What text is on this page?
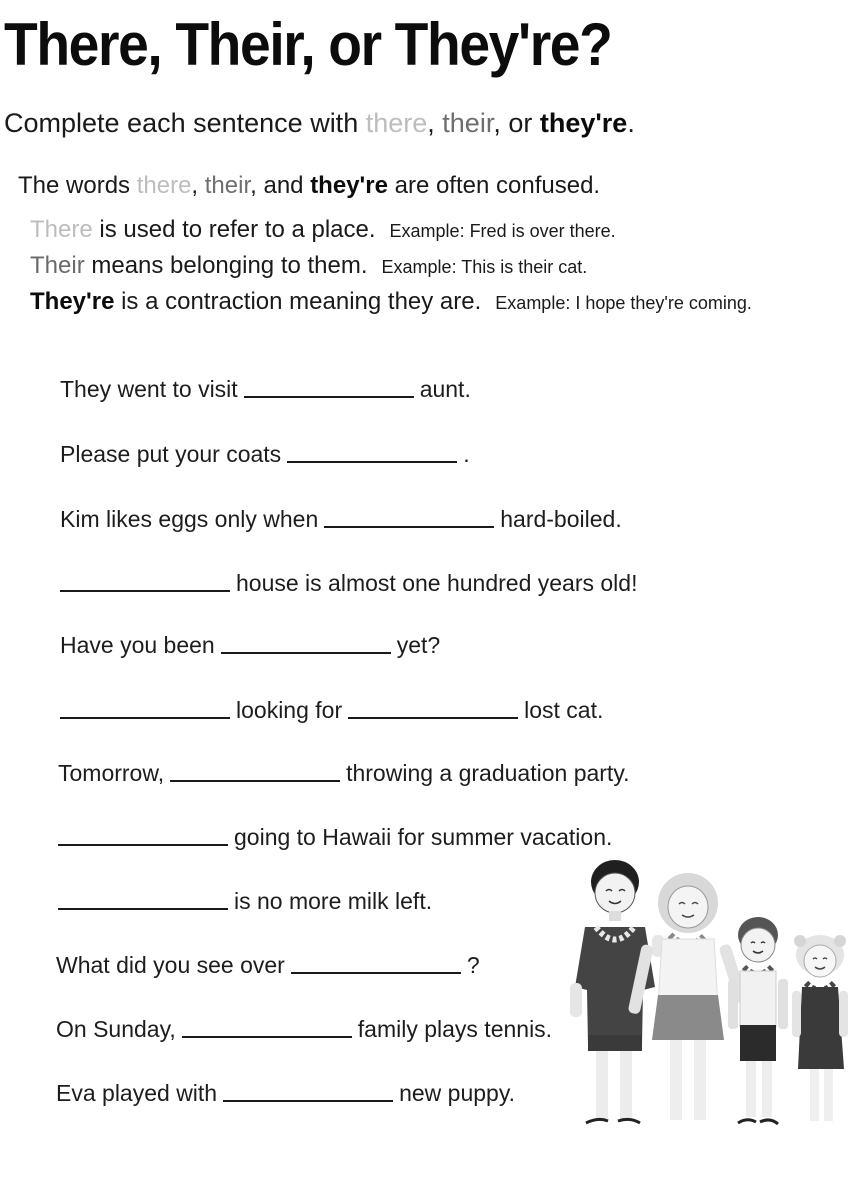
There, Their, or They're?

Complete each sentence with there, their, or they're.

The words there, their, and they're are often confused.
There is used to refer to a place. Example: Fred is over there.
Their means belonging to them. Example: This is their cat.
They're is a contraction meaning they are. Example: I hope they're coming.
They went to visit	aunt.
Please put your coats	.
Kim likes eggs only when	hard-boiled.
house is almost one hundred years old!
Have you been	yet?
looking for	lost cat.
Tomorrow,	throwing a graduation party.
going to Hawaii for summer vacation.
is no more milk left.
What did you see over	?
On Sunday,	family plays tennis.
Eva played with	new puppy.
